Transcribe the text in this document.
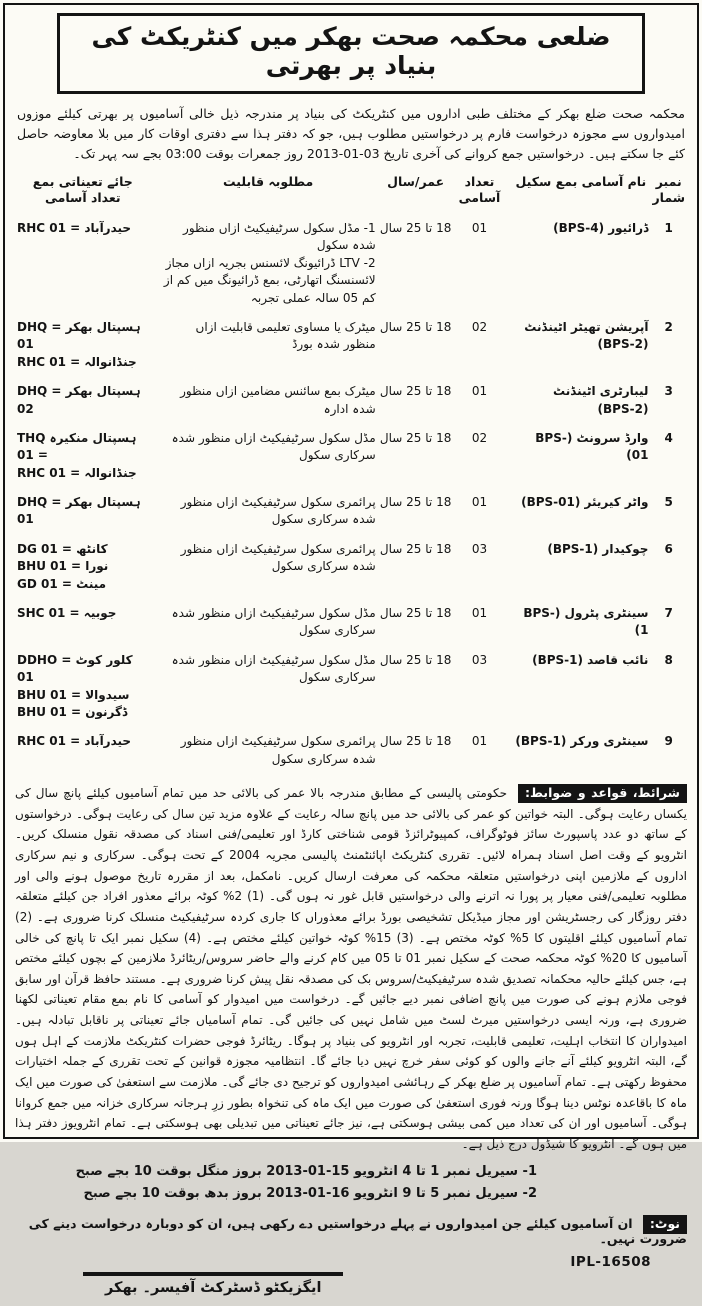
ضلعی محکمہ صحت بھکر میں کنٹریکٹ کی بنیاد پر بھرتی

محکمہ صحت ضلع بھکر کے مختلف طبی اداروں میں کنٹریکٹ کی بنیاد پر مندرجہ ذیل خالی آسامیوں پر بھرتی کیلئے موزوں امیدواروں سے مجوزہ درخواست فارم پر درخواستیں مطلوب ہیں، جو کہ دفتر ہذا سے دفتری اوقات کار میں بلا معاوضہ حاصل کئے جا سکتے ہیں۔ درخواستیں جمع کروانے کی آخری تاریخ 03-01-2013 روز جمعرات بوقت 03:00 بجے سہ پہر تک۔

نمبر شمار	نام آسامی بمع سکیل	تعداد آسامی	عمر/سال	مطلوبہ قابلیت	جائے تعیناتی بمع تعداد آسامی
1	ڈرائیور (BPS-4)	01	18 تا 25 سال	1- مڈل سکول سرٹیفیکیٹ ازاں منظور شدہ سکول
2- LTV ڈرائیونگ لائسنس بجریہ ازاں مجاز لائسنسنگ اتھارٹی، بمع ڈرائیونگ میں کم از کم 05 سالہ عملی تجربہ	RHC حیدرآباد = 01
2	آپریشن تھیٹر اٹینڈنٹ (BPS-2)	02	18 تا 25 سال	میٹرک یا مساوی تعلیمی قابلیت ازاں منظور شدہ بورڈ	DHQ ہسپتال بھکر = 01
RHC جنڈانوالہ = 01
3	لیبارٹری اٹینڈنٹ (BPS-2)	01	18 تا 25 سال	میٹرک بمع سائنس مضامین ازاں منظور شدہ ادارہ	DHQ ہسپتال بھکر = 02
4	وارڈ سرونٹ (BPS-01)	02	18 تا 25 سال	مڈل سکول سرٹیفیکیٹ ازاں منظور شدہ سرکاری سکول	THQ ہسپتال منکیرہ = 01
RHC جنڈانوالہ = 01
5	واٹر کیریئر (BPS-01)	01	18 تا 25 سال	پرائمری سکول سرٹیفیکیٹ ازاں منظور شدہ سرکاری سکول	DHQ ہسپتال بھکر = 01
6	چوکیدار (BPS-1)	03	18 تا 25 سال	پرائمری سکول سرٹیفیکیٹ ازاں منظور شدہ سرکاری سکول	DG کانٹھ = 01
BHU نورا = 01
GD مینٹ = 01
7	سینٹری پٹرول (BPS-1)	01	18 تا 25 سال	مڈل سکول سرٹیفیکیٹ ازاں منظور شدہ سرکاری سکول	SHC جوبیہ = 01
8	نائب قاصد (BPS-1)	03	18 تا 25 سال	مڈل سکول سرٹیفیکیٹ ازاں منظور شدہ سرکاری سکول	DDHO کلور کوٹ = 01
BHU سیدوالا = 01
BHU ڈگرنون = 01
9	سینٹری ورکر (BPS-1)	01	18 تا 25 سال	پرائمری سکول سرٹیفیکیٹ ازاں منظور شدہ سرکاری سکول	RHC حیدرآباد = 01

شرائط، قواعد و ضوابط: حکومتی پالیسی کے مطابق مندرجہ بالا عمر کی بالائی حد میں تمام آسامیوں کیلئے پانچ سال کی یکساں رعایت ہوگی۔ البتہ خواتین کو عمر کی بالائی حد میں پانچ سالہ رعایت کے علاوہ مزید تین سال کی رعایت ہوگی۔ درخواستوں کے ساتھ دو عدد پاسپورٹ سائز فوٹوگراف، کمپیوٹرائزڈ قومی شناختی کارڈ اور تعلیمی/فنی اسناد کی مصدقہ نقول منسلک کریں۔ انٹرویو کے وقت اصل اسناد ہمراہ لائیں۔ تقرری کنٹریکٹ اپائنٹمنٹ پالیسی مجریہ 2004 کے تحت ہوگی۔ سرکاری و نیم سرکاری اداروں کے ملازمین اپنی درخواستیں متعلقہ محکمہ کی معرفت ارسال کریں۔ نامکمل، بعد از مقررہ تاریخ موصول ہونے والی اور مطلوبہ تعلیمی/فنی معیار پر پورا نہ اترنے والی درخواستیں قابل غور نہ ہوں گی۔ (1) 2% کوٹہ برائے معذور افراد جن کیلئے متعلقہ دفتر روزگار کی رجسٹریشن اور مجاز میڈیکل تشخیصی بورڈ برائے معذوراں کا جاری کردہ سرٹیفیکیٹ منسلک کرنا ضروری ہے۔ (2) تمام آسامیوں کیلئے اقلیتوں کا 5% کوٹہ مختص ہے۔ (3) 15% کوٹہ خواتین کیلئے مختص ہے۔ (4) سکیل نمبر ایک تا پانچ کی خالی آسامیوں کا 20% کوٹہ محکمہ صحت کے سکیل نمبر 01 تا 05 میں کام کرنے والے حاضر سروس/ریٹائرڈ ملازمین کے بچوں کیلئے مختص ہے، جس کیلئے حالیہ محکمانہ تصدیق شدہ سرٹیفیکیٹ/سروس بک کی مصدقہ نقل پیش کرنا ضروری ہے۔ مستند حافظ قرآن اور سابق فوجی ملازم ہونے کی صورت میں پانچ اضافی نمبر دیے جائیں گے۔ درخواست میں امیدوار کو آسامی کا نام بمع مقام تعیناتی لکھنا ضروری ہے، ورنہ ایسی درخواستیں میرٹ لسٹ میں شامل نہیں کی جائیں گی۔ تمام آسامیاں جائے تعیناتی پر ناقابل تبادلہ ہیں۔ امیدواران کا انتخاب اہلیت، تعلیمی قابلیت، تجربہ اور انٹرویو کی بنیاد پر ہوگا۔ ریٹائرڈ فوجی حضرات کنٹریکٹ ملازمت کے اہل ہوں گے، البتہ انٹرویو کیلئے آنے جانے والوں کو کوئی سفر خرچ نہیں دیا جائے گا۔ انتظامیہ مجوزہ قوانین کے تحت تقرری کے جملہ اختیارات محفوظ رکھتی ہے۔ تمام آسامیوں پر ضلع بھکر کے رہائشی امیدواروں کو ترجیح دی جائے گی۔ ملازمت سے استعفیٰ کی صورت میں ایک ماہ کا باقاعدہ نوٹس دینا ہوگا ورنہ فوری استعفیٰ کی صورت میں ایک ماہ کی تنخواہ بطور زرِ ہرجانہ سرکاری خزانہ میں جمع کروانا ہوگی۔ آسامیوں اور ان کی تعداد میں کمی بیشی ہوسکتی ہے، نیز جائے تعیناتی میں تبدیلی بھی ہوسکتی ہے۔ تمام انٹرویوز دفتر ہذا میں ہوں گے۔ انٹرویو کا شیڈول درج ذیل ہے۔

1- سیریل نمبر 1 تا 4 انٹرویو 15-01-2013 بروز منگل بوقت 10 بجے صبح

2- سیریل نمبر 5 تا 9 انٹرویو 16-01-2013 بروز بدھ بوقت 10 بجے صبح

نوٹ: ان آسامیوں کیلئے جن امیدواروں نے پہلے درخواستیں دے رکھی ہیں، ان کو دوبارہ درخواست دینے کی ضرورت نہیں۔

IPL-16508
ایگزیکٹو ڈسٹرکٹ آفیسر۔ بھکر
